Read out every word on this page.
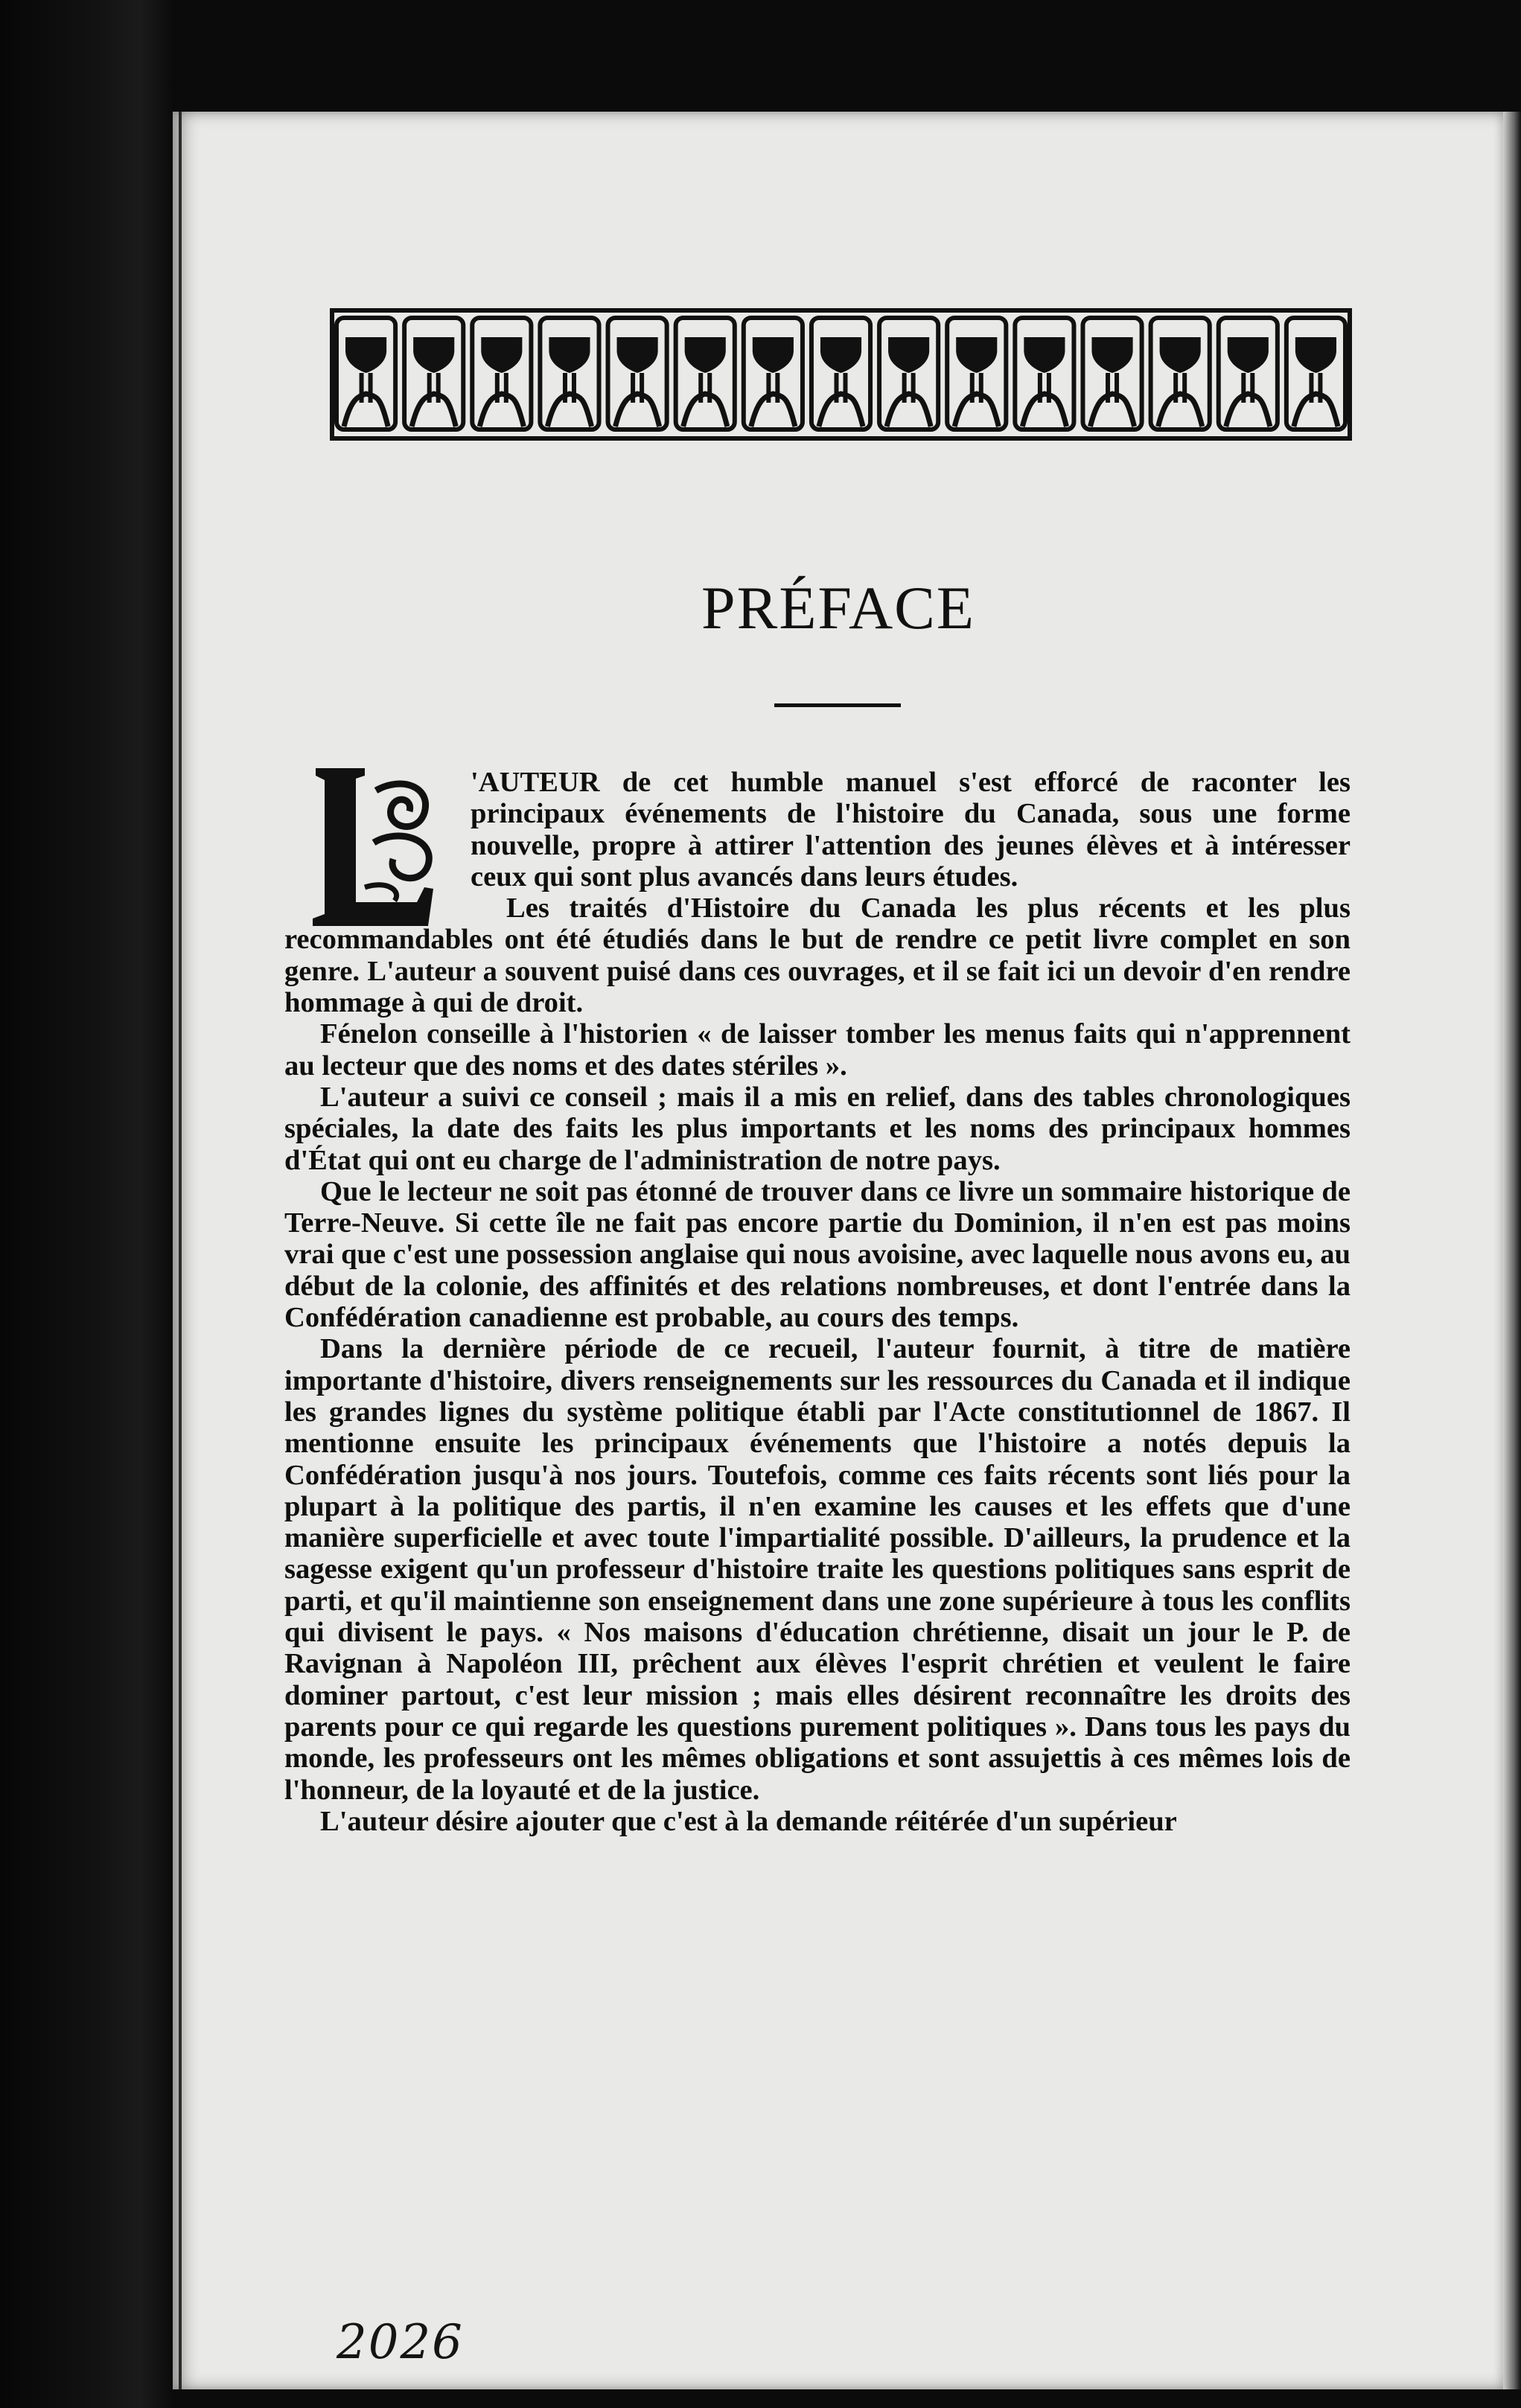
PRÉFACE
L

'AUTEUR de cet humble manuel s'est efforcé de raconter les principaux événements de l'histoire du Canada, sous une forme nouvelle, propre à attirer l'attention des jeunes élèves et à intéresser ceux qui sont plus avancés dans leurs études.

Les traités d'Histoire du Canada les plus récents et les plus recommandables ont été étudiés dans le but de rendre ce petit livre complet en son genre. L'auteur a souvent puisé dans ces ouvrages, et il se fait ici un devoir d'en rendre hommage à qui de droit.

Fénelon conseille à l'historien « de laisser tomber les menus faits qui n'apprennent au lecteur que des noms et des dates stériles ».

L'auteur a suivi ce conseil ; mais il a mis en relief, dans des tables chronologiques spéciales, la date des faits les plus importants et les noms des principaux hommes d'État qui ont eu charge de l'administration de notre pays.

Que le lecteur ne soit pas étonné de trouver dans ce livre un sommaire historique de Terre-Neuve. Si cette île ne fait pas encore partie du Dominion, il n'en est pas moins vrai que c'est une possession anglaise qui nous avoisine, avec laquelle nous avons eu, au début de la colonie, des affinités et des relations nombreuses, et dont l'entrée dans la Confédération canadienne est probable, au cours des temps.

Dans la dernière période de ce recueil, l'auteur fournit, à titre de matière importante d'histoire, divers renseignements sur les ressources du Canada et il indique les grandes lignes du système politique établi par l'Acte constitutionnel de 1867. Il mentionne ensuite les principaux événements que l'histoire a notés depuis la Confédération jusqu'à nos jours. Toutefois, comme ces faits récents sont liés pour la plupart à la politique des partis, il n'en examine les causes et les effets que d'une manière superficielle et avec toute l'impartialité possible. D'ailleurs, la prudence et la sagesse exigent qu'un professeur d'histoire traite les questions politiques sans esprit de parti, et qu'il maintienne son enseignement dans une zone supérieure à tous les conflits qui divisent le pays. « Nos maisons d'éducation chrétienne, disait un jour le P. de Ravignan à Napoléon III, prêchent aux élèves l'esprit chrétien et veulent le faire dominer partout, c'est leur mission ; mais elles désirent reconnaître les droits des parents pour ce qui regarde les questions purement politiques ». Dans tous les pays du monde, les professeurs ont les mêmes obligations et sont assujettis à ces mêmes lois de l'honneur, de la loyauté et de la justice.

L'auteur désire ajouter que c'est à la demande réitérée d'un supérieur

2026
